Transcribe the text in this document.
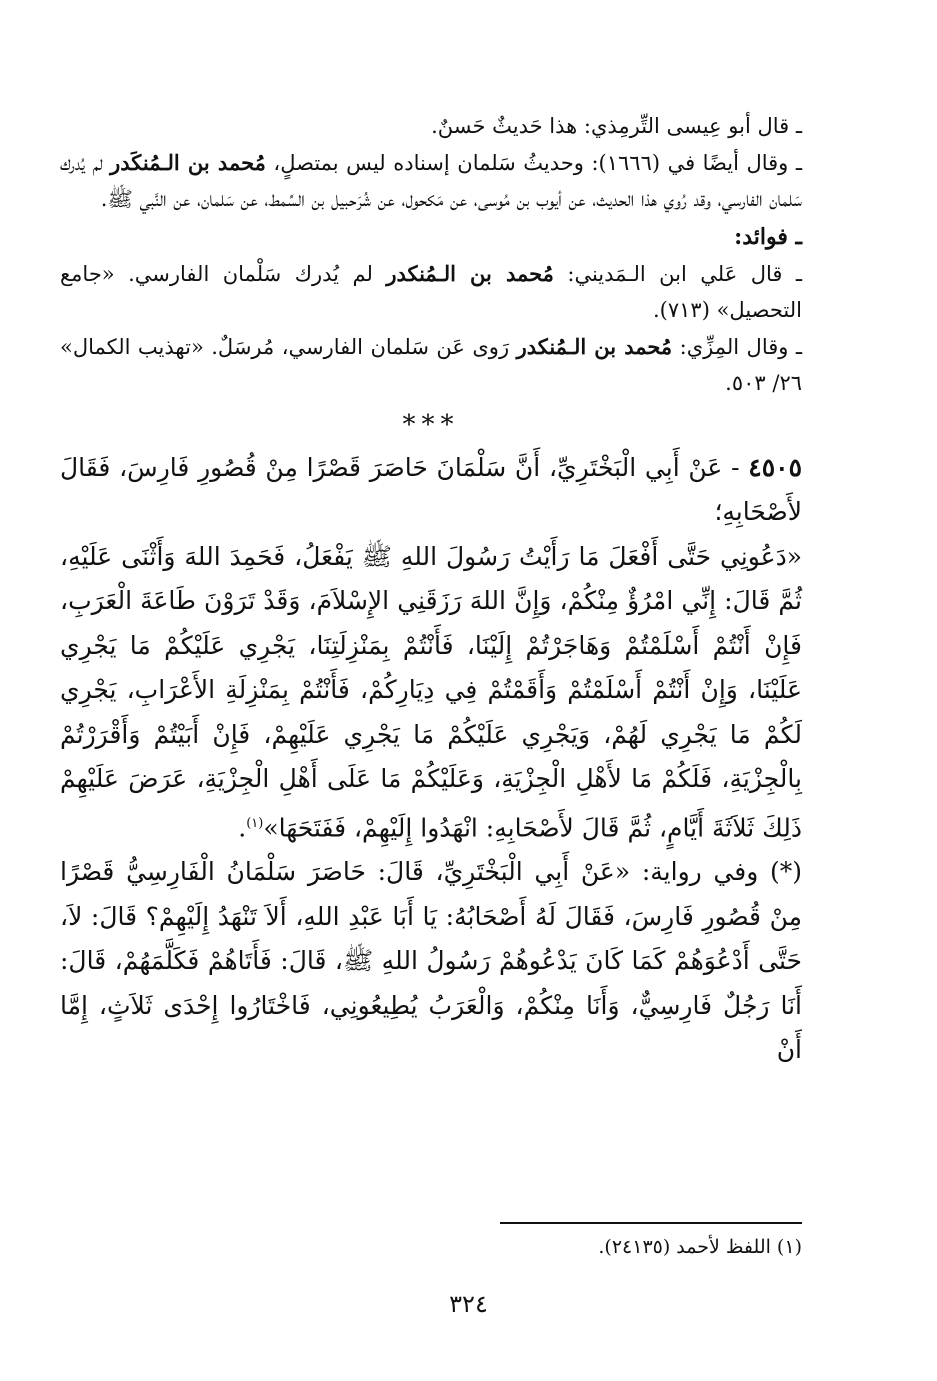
ـ قال أبو عِيسى التِّرمِذي: هذا حَديثٌ حَسنٌ.

ـ وقال أيضًا في (١٦٦٦): وحديثُ سَلمان إسناده ليس بمتصلٍ، مُحمد بن الـمُنكَدر لم يُدرك سَلمان الفارسي، وقد رُوي هذا الحديث، عن أيوب بن مُوسى، عن مَكحول، عن شُرَحبيل بن السِّمط، عن سَلمان، عن النَّبي ﷺ.

ـ فوائد:

ـ قال عَلي ابن الـمَديني: مُحمد بن الـمُنكدر لم يُدرك سَلْمان الفارسي. «جامع التحصيل» (٧١٣).

ـ وقال المِزِّي: مُحمد بن الـمُنكدر رَوى عَن سَلمان الفارسي، مُرسَلٌ. «تهذيب الكمال» ٢٦/ ٥٠٣.

***

٤٥٠٥ - عَنْ أَبِي الْبَخْتَرِيِّ، أَنَّ سَلْمَانَ حَاصَرَ قَصْرًا مِنْ قُصُورِ فَارِسَ، فَقَالَ لأَصْحَابِهِ؛

«دَعُونِي حَتَّى أَفْعَلَ مَا رَأَيْتُ رَسُولَ اللهِ ﷺ يَفْعَلُ، فَحَمِدَ اللهَ وَأَثْنَى عَلَيْهِ، ثُمَّ قَالَ: إِنِّي امْرُؤٌ مِنْكُمْ، وَإِنَّ اللهَ رَزَقَنِي الإِسْلاَمَ، وَقَدْ تَرَوْنَ طَاعَةَ الْعَرَبِ، فَإِنْ أَنْتُمْ أَسْلَمْتُمْ وَهَاجَرْتُمْ إِلَيْنَا، فَأَنْتُمْ بِمَنْزِلَتِنَا، يَجْرِي عَلَيْكُمْ مَا يَجْرِي عَلَيْنَا، وَإِنْ أَنْتُمْ أَسْلَمْتُمْ وَأَقَمْتُمْ فِي دِيَارِكُمْ، فَأَنْتُمْ بِمَنْزِلَةِ الأَعْرَابِ، يَجْرِي لَكُمْ مَا يَجْرِي لَهُمْ، وَيَجْرِي عَلَيْكُمْ مَا يَجْرِي عَلَيْهِمْ، فَإِنْ أَبَيْتُمْ وَأَقْرَرْتُمْ بِالْجِزْيَةِ، فَلَكُمْ مَا لأَهْلِ الْجِزْيَةِ، وَعَلَيْكُمْ مَا عَلَى أَهْلِ الْجِزْيَةِ، عَرَضَ عَلَيْهِمْ ذَلِكَ ثَلاَثَةَ أَيَّامٍ، ثُمَّ قَالَ لأَصْحَابِهِ: انْهَدُوا إِلَيْهِمْ، فَفَتَحَهَا»$^{(١)}$.

(*) وفي رواية: «عَنْ أَبِي الْبَخْتَرِيِّ، قَالَ: حَاصَرَ سَلْمَانُ الْفَارِسِيُّ قَصْرًا مِنْ قُصُورِ فَارِسَ، فَقَالَ لَهُ أَصْحَابُهُ: يَا أَبَا عَبْدِ اللهِ، أَلاَ تَنْهَدُ إِلَيْهِمْ؟ قَالَ: لاَ، حَتَّى أَدْعُوَهُمْ كَمَا كَانَ يَدْعُوهُمْ رَسُولُ اللهِ ﷺ، قَالَ: فَأَتَاهُمْ فَكَلَّمَهُمْ، قَالَ: أَنَا رَجُلٌ فَارِسِيٌّ، وَأَنَا مِنْكُمْ، وَالْعَرَبُ يُطِيعُونِي، فَاخْتَارُوا إِحْدَى ثَلاَثٍ، إِمَّا أَنْ

(١) اللفظ لأحمد (٢٤١٣٥).
٣٢٤
